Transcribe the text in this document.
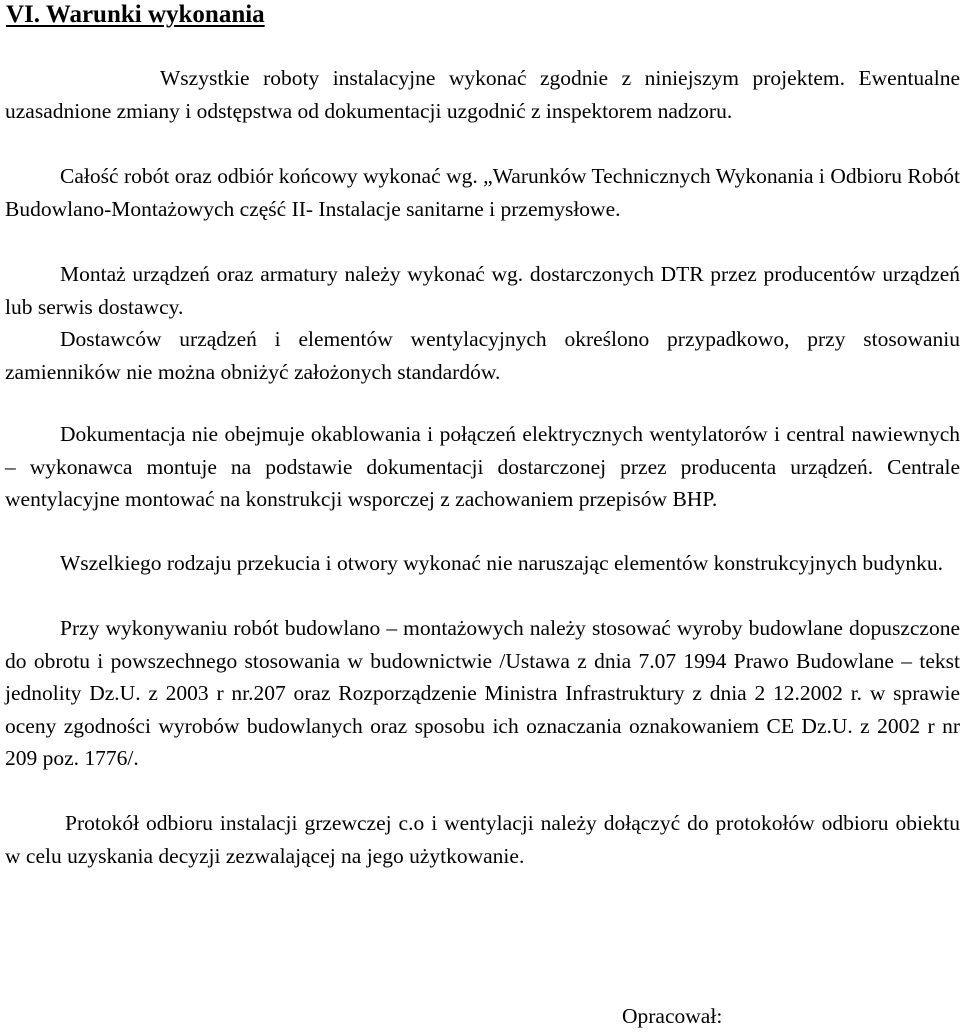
VI. Warunki wykonania

Wszystkie roboty instalacyjne wykonać zgodnie z niniejszym projektem. Ewentualne uzasadnione zmiany i odstępstwa od dokumentacji uzgodnić z inspektorem nadzoru.

Całość robót oraz odbiór końcowy wykonać wg. „Warunków Technicznych Wykonania i Odbioru Robót Budowlano-Montażowych część II- Instalacje sanitarne i przemysłowe.

Montaż urządzeń oraz armatury należy wykonać wg. dostarczonych DTR przez producentów urządzeń lub serwis dostawcy.

Dostawców urządzeń i elementów wentylacyjnych określono przypadkowo, przy stosowaniu zamienników nie można obniżyć założonych standardów.

Dokumentacja nie obejmuje okablowania i połączeń elektrycznych wentylatorów i central nawiewnych – wykonawca montuje na podstawie dokumentacji dostarczonej przez producenta urządzeń. Centrale wentylacyjne montować na konstrukcji wsporczej z zachowaniem przepisów BHP.

Wszelkiego rodzaju przekucia i otwory wykonać nie naruszając elementów konstrukcyjnych budynku.

Przy wykonywaniu robót budowlano – montażowych należy stosować wyroby budowlane dopuszczone do obrotu i powszechnego stosowania w budownictwie /Ustawa z dnia 7.07 1994 Prawo Budowlane – tekst jednolity Dz.U. z 2003 r nr.207 oraz Rozporządzenie Ministra Infrastruktury z dnia 2 12.2002 r. w sprawie oceny zgodności wyrobów budowlanych oraz sposobu ich oznaczania oznakowaniem CE Dz.U. z 2002 r nr 209 poz. 1776/.

Protokół odbioru instalacji grzewczej c.o i wentylacji należy dołączyć do protokołów odbioru obiektu w celu uzyskania decyzji zezwalającej na jego użytkowanie.

Opracował:
